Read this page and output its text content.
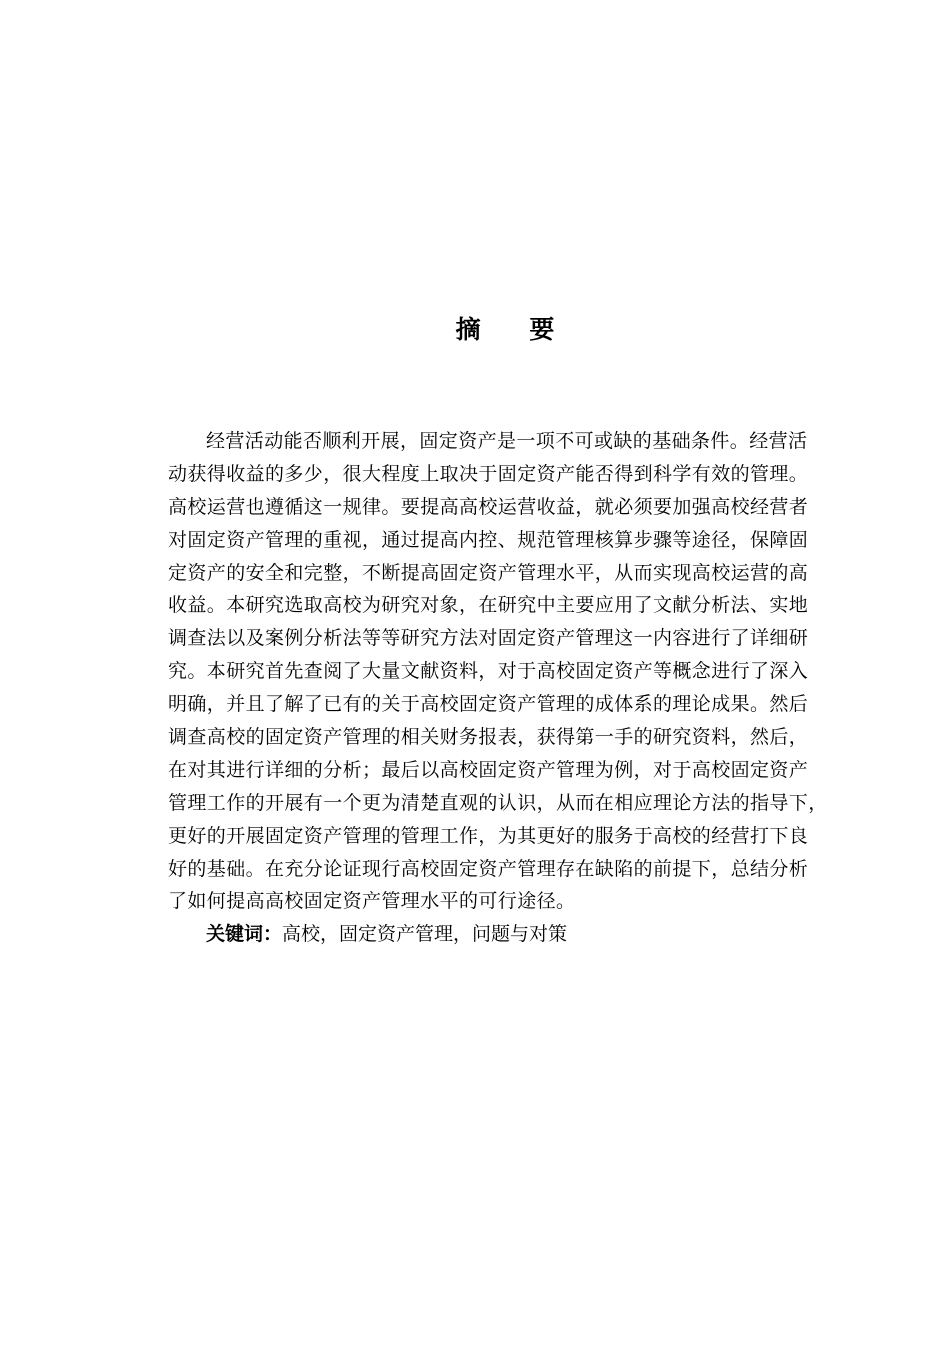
摘 要
经营活动能否顺利开展，固定资产是一项不可或缺的基础条件。经营活
动获得收益的多少，很大程度上取决于固定资产能否得到科学有效的管理。
高校运营也遵循这一规律。要提高高校运营收益，就必须要加强高校经营者
对固定资产管理的重视，通过提高内控、规范管理核算步骤等途径，保障固
定资产的安全和完整，不断提高固定资产管理水平，从而实现高校运营的高
收益。本研究选取高校为研究对象，在研究中主要应用了文献分析法、实地
调查法以及案例分析法等等研究方法对固定资产管理这一内容进行了详细研
究。本研究首先查阅了大量文献资料，对于高校固定资产等概念进行了深入
明确，并且了解了已有的关于高校固定资产管理的成体系的理论成果。然后
调查高校的固定资产管理的相关财务报表，获得第一手的研究资料，然后，
在对其进行详细的分析；最后以高校固定资产管理为例，对于高校固定资产
管理工作的开展有一个更为清楚直观的认识，从而在相应理论方法的指导下，
更好的开展固定资产管理的管理工作，为其更好的服务于高校的经营打下良
好的基础。在充分论证现行高校固定资产管理存在缺陷的前提下，总结分析
了如何提高高校固定资产管理水平的可行途径。
关键词：高校，固定资产管理，问题与对策
